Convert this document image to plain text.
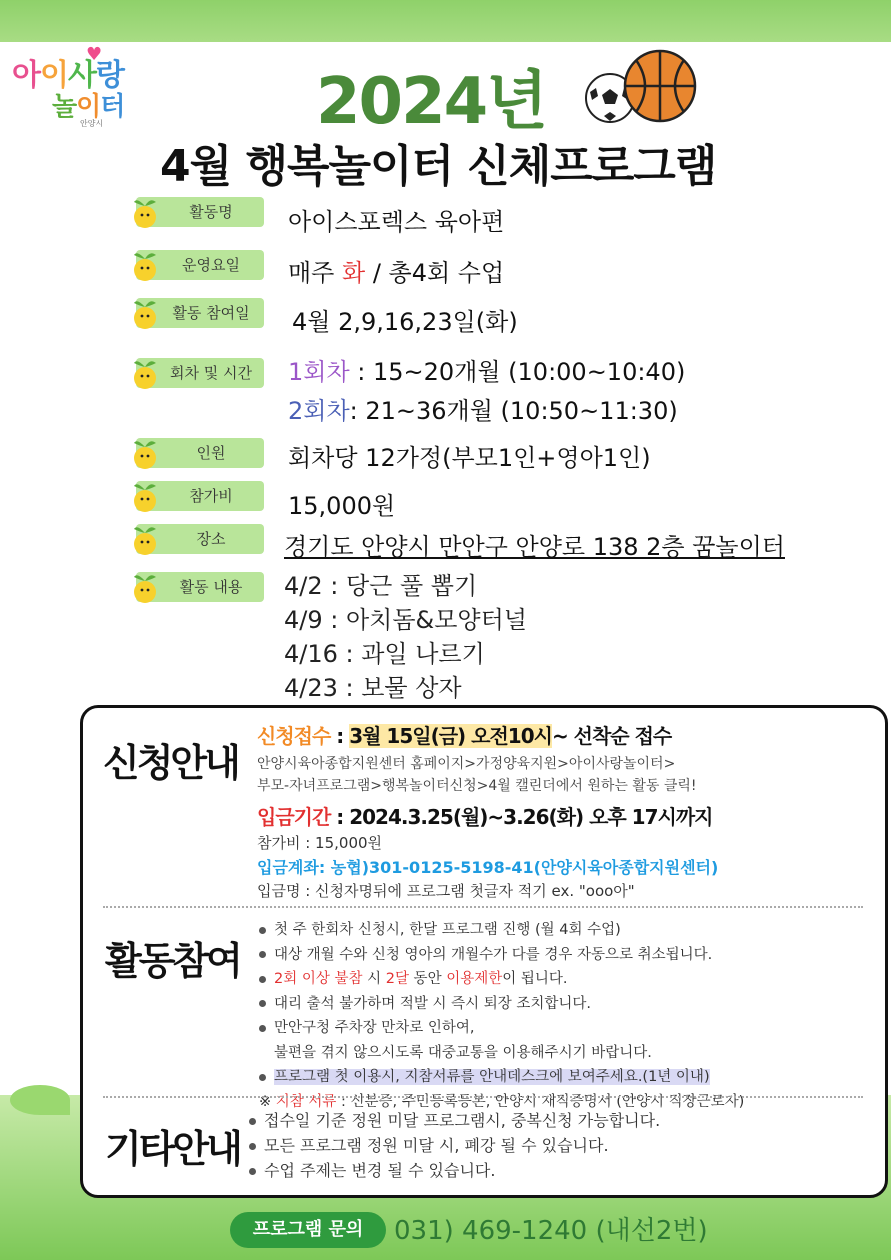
아이사랑
♥
놀이터
안양시	2024년
4월 행복놀이터 신체프로그램
활동명	아이스포렉스 육아편
운영요일	매주 화 / 총4회 수업
활동 참여일	4월 2,9,16,23일(화)
회차 및 시간	1회차 : 15~20개월 (10:00~10:40)
2회차: 21~36개월 (10:50~11:30)
인원	회차당 12가정(부모1인+영아1인)
참가비	15,000원
장소	경기도 안양시 만안구 안양로 138 2층 꿈놀이터
활동 내용	4/2 : 당근 풀 뽑기
4/9 : 아치돔&모양터널
4/16 : 과일 나르기
4/23 : 보물 상자
신청안내
신청접수 : 3월 15일(금) 오전10시~ 선착순 접수
안양시육아종합지원센터 홈페이지>가정양육지원>아이사랑놀이터>
부모-자녀프로그램>행복놀이터신청>4월 캘린더에서 원하는 활동 클릭!
입금기간 : 2024.3.25(월)~3.26(화) 오후 17시까지
참가비 : 15,000원
입금계좌: 농협)301-0125-5198-41(안양시육아종합지원센터)
입금명 : 신청자명뒤에 프로그램 첫글자 적기 ex. "ooo아"
활동참여
첫 주 한회차 신청시, 한달 프로그램 진행 (월 4회 수업)
대상 개월 수와 신청 영아의 개월수가 다를 경우 자동으로 취소됩니다.
2회 이상 불참 시 2달 동안 이용제한이 됩니다.
대리 출석 불가하며 적발 시 즉시 퇴장 조치합니다.
만안구청 주차장 만차로 인하여,
불편을 겪지 않으시도록 대중교통을 이용해주시기 바랍니다.
프로그램 첫 이용시, 지참서류를 안내데스크에 보여주세요.(1년 이내)
※ 지참 서류 : 신분증, 주민등록등본, 안양시 재직증명서 (안양시 직장근로자)
기타안내
접수일 기준 정원 미달 프로그램시, 중복신청 가능합니다.
모든 프로그램 정원 미달 시, 폐강 될 수 있습니다.
수업 주제는 변경 될 수 있습니다.
프로그램 문의	031) 469-1240 (내선2번)
